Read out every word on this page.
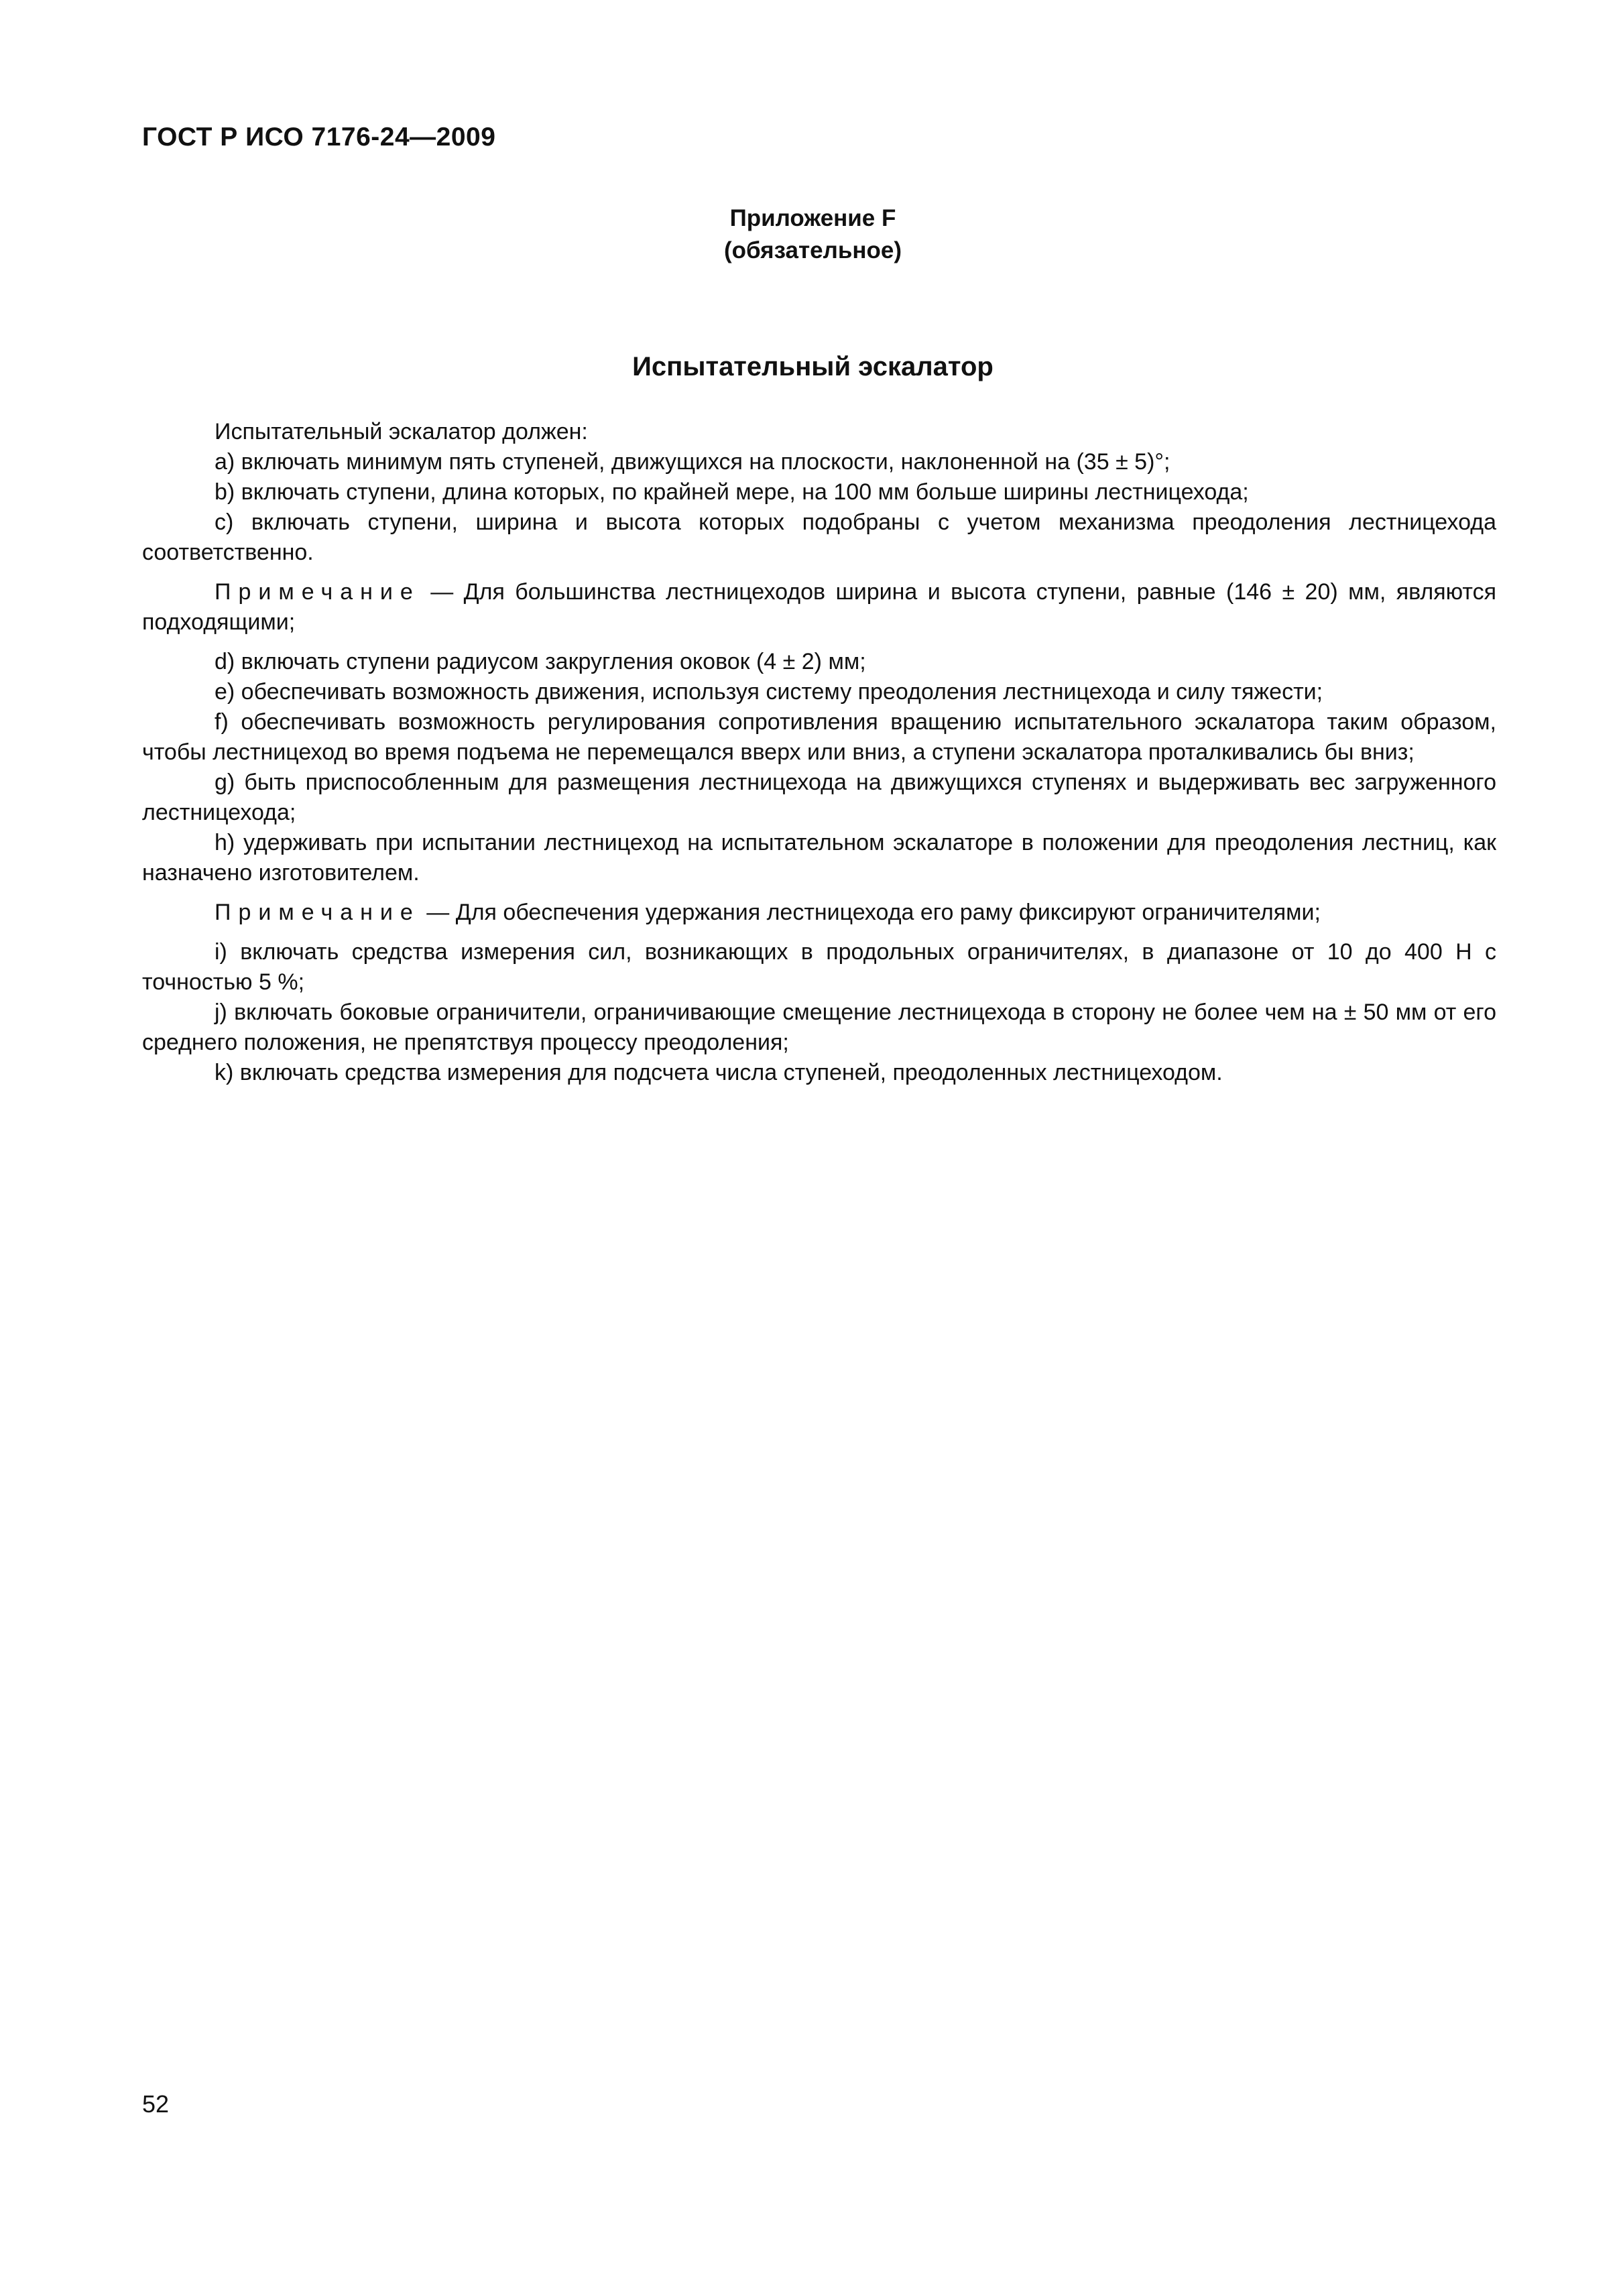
ГОСТ Р ИСО 7176-24—2009
Приложение F
(обязательное)
Испытательный эскалатор

Испытательный эскалатор должен:

a) включать минимум пять ступеней, движущихся на плоскости, наклоненной на (35 ± 5)°;

b) включать ступени, длина которых, по крайней мере, на 100 мм больше ширины лестницехода;

c) включать ступени, ширина и высота которых подобраны с учетом механизма преодоления лестницехода соответственно.

Примечание — Для большинства лестницеходов ширина и высота ступени, равные (146 ± 20) мм, являются подходящими;

d) включать ступени радиусом закругления оковок (4 ± 2) мм;

e) обеспечивать возможность движения, используя систему преодоления лестницехода и силу тяжести;

f) обеспечивать возможность регулирования сопротивления вращению испытательного эскалатора таким образом, чтобы лестницеход во время подъема не перемещался вверх или вниз, а ступени эскалатора проталкивались бы вниз;

g) быть приспособленным для размещения лестницехода на движущихся ступенях и выдерживать вес загруженного лестницехода;

h) удерживать при испытании лестницеход на испытательном эскалаторе в положении для преодоления лестниц, как назначено изготовителем.

Примечание — Для обеспечения удержания лестницехода его раму фиксируют ограничителями;

i) включать средства измерения сил, возникающих в продольных ограничителях, в диапазоне от 10 до 400 Н с точностью 5 %;

j) включать боковые ограничители, ограничивающие смещение лестницехода в сторону не более чем на ± 50 мм от его среднего положения, не препятствуя процессу преодоления;

k) включать средства измерения для подсчета числа ступеней, преодоленных лестницеходом.

52
